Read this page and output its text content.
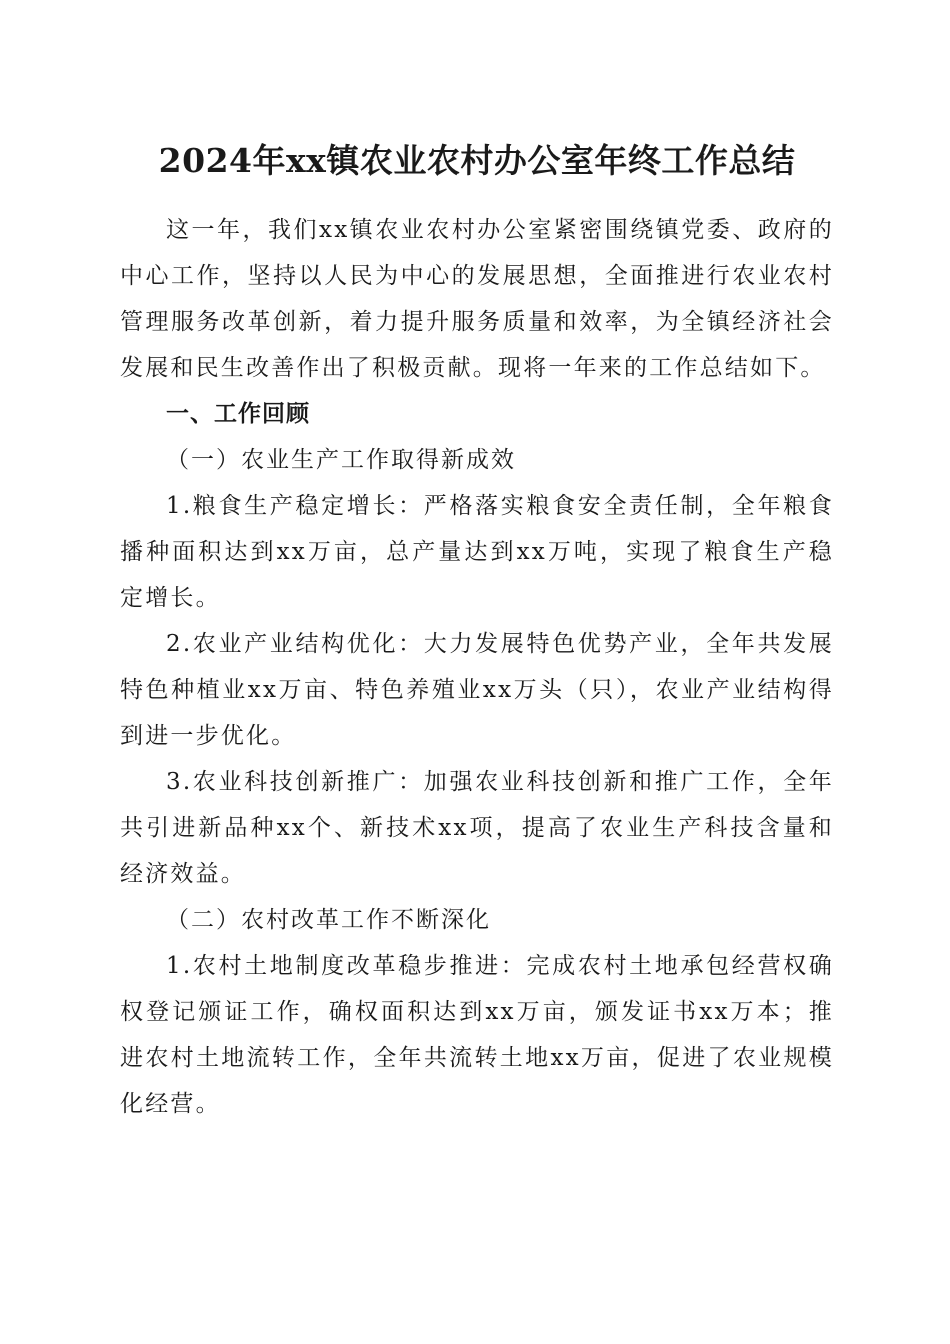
2024年xx镇农业农村办公室年终工作总结

这一年，我们xx镇农业农村办公室紧密围绕镇党委、政府的中心工作，坚持以人民为中心的发展思想，全面推进行农业农村管理服务改革创新，着力提升服务质量和效率，为全镇经济社会发展和民生改善作出了积极贡献。现将一年来的工作总结如下。

一、工作回顾

（一）农业生产工作取得新成效

1.粮食生产稳定增长：严格落实粮食安全责任制，全年粮食播种面积达到xx万亩，总产量达到xx万吨，实现了粮食生产稳定增长。

2.农业产业结构优化：大力发展特色优势产业，全年共发展特色种植业xx万亩、特色养殖业xx万头（只），农业产业结构得到进一步优化。

3.农业科技创新推广：加强农业科技创新和推广工作，全年共引进新品种xx个、新技术xx项，提高了农业生产科技含量和经济效益。

（二）农村改革工作不断深化

1.农村土地制度改革稳步推进：完成农村土地承包经营权确权登记颁证工作，确权面积达到xx万亩，颁发证书xx万本；推进农村土地流转工作，全年共流转土地xx万亩，促进了农业规模化经营。
